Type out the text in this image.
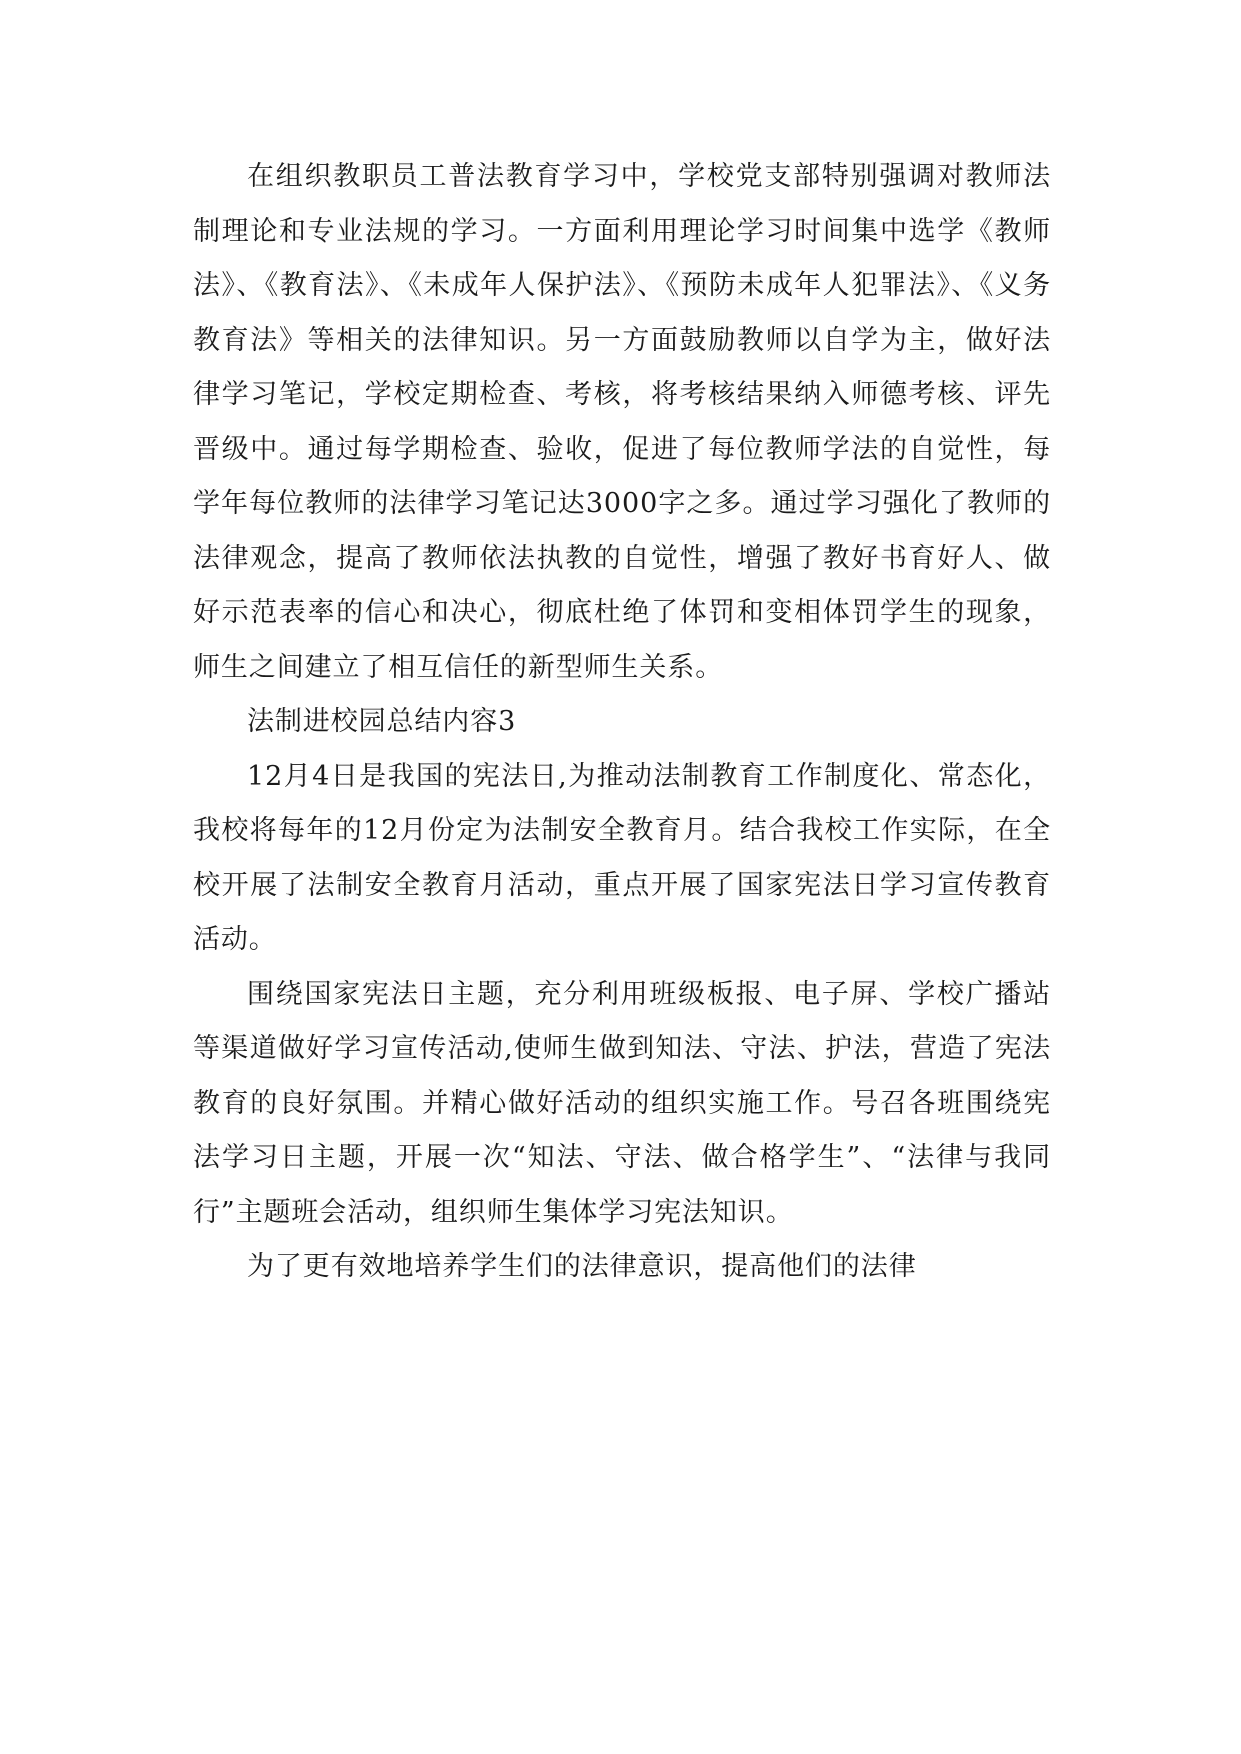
在组织教职员工普法教育学习中，学校党支部特别强调对教师法制理论和专业法规的学习。一方面利用理论学习时间集中选学《教师法》、《教育法》、《未成年人保护法》、《预防未成年人犯罪法》、《义务教育法》等相关的法律知识。另一方面鼓励教师以自学为主，做好法律学习笔记，学校定期检查、考核，将考核结果纳入师德考核、评先晋级中。通过每学期检查、验收，促进了每位教师学法的自觉性，每学年每位教师的法律学习笔记达3000字之多。通过学习强化了教师的法律观念，提高了教师依法执教的自觉性，增强了教好书育好人、做好示范表率的信心和决心，彻底杜绝了体罚和变相体罚学生的现象，师生之间建立了相互信任的新型师生关系。

法制进校园总结内容3

12月4日是我国的宪法日,为推动法制教育工作制度化、常态化，我校将每年的12月份定为法制安全教育月。结合我校工作实际，在全校开展了法制安全教育月活动，重点开展了国家宪法日学习宣传教育活动。

围绕国家宪法日主题，充分利用班级板报、电子屏、学校广播站等渠道做好学习宣传活动,使师生做到知法、守法、护法，营造了宪法教育的良好氛围。并精心做好活动的组织实施工作。号召各班围绕宪法学习日主题，开展一次“知法、守法、做合格学生”、“法律与我同行”主题班会活动，组织师生集体学习宪法知识。

为了更有效地培养学生们的法律意识，提高他们的法律
